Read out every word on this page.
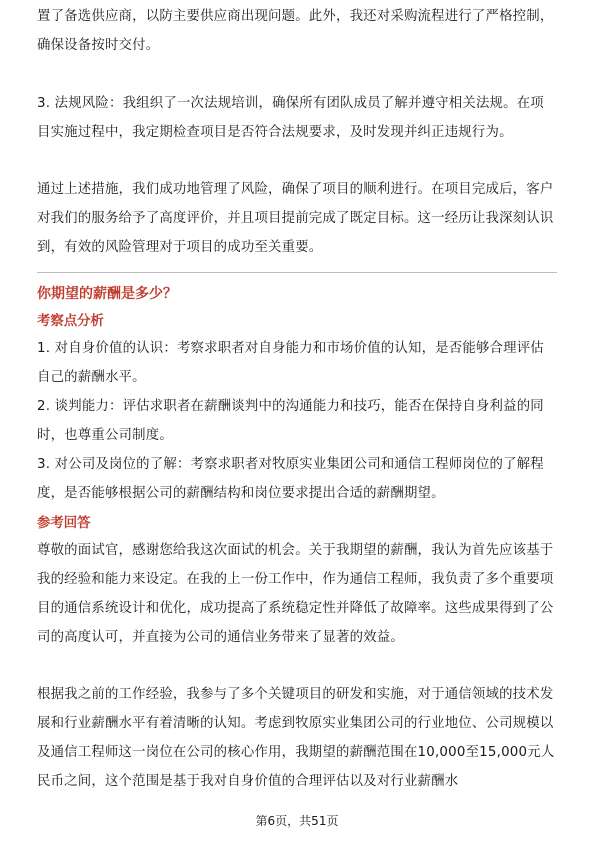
置了备选供应商，以防主要供应商出现问题。此外，我还对采购流程进行了严格控制，确保设备按时交付。

3. 法规风险：我组织了一次法规培训，确保所有团队成员了解并遵守相关法规。在项目实施过程中，我定期检查项目是否符合法规要求，及时发现并纠正违规行为。

通过上述措施，我们成功地管理了风险，确保了项目的顺利进行。在项目完成后，客户对我们的服务给予了高度评价，并且项目提前完成了既定目标。这一经历让我深刻认识到，有效的风险管理对于项目的成功至关重要。

你期望的薪酬是多少？

考察点分析

1. 对自身价值的认识：考察求职者对自身能力和市场价值的认知，是否能够合理评估自己的薪酬水平。

2. 谈判能力：评估求职者在薪酬谈判中的沟通能力和技巧，能否在保持自身利益的同时，也尊重公司制度。

3. 对公司及岗位的了解：考察求职者对牧原实业集团公司和通信工程师岗位的了解程度，是否能够根据公司的薪酬结构和岗位要求提出合适的薪酬期望。

参考回答

尊敬的面试官，感谢您给我这次面试的机会。关于我期望的薪酬，我认为首先应该基于我的经验和能力来设定。在我的上一份工作中，作为通信工程师，我负责了多个重要项目的通信系统设计和优化，成功提高了系统稳定性并降低了故障率。这些成果得到了公司的高度认可，并直接为公司的通信业务带来了显著的效益。

根据我之前的工作经验，我参与了多个关键项目的研发和实施，对于通信领域的技术发展和行业薪酬水平有着清晰的认知。考虑到牧原实业集团公司的行业地位、公司规模以及通信工程师这一岗位在公司的核心作用，我期望的薪酬范围在10,000至15,000元人民币之间，这个范围是基于我对自身价值的合理评估以及对行业薪酬水

第6页，共51页
